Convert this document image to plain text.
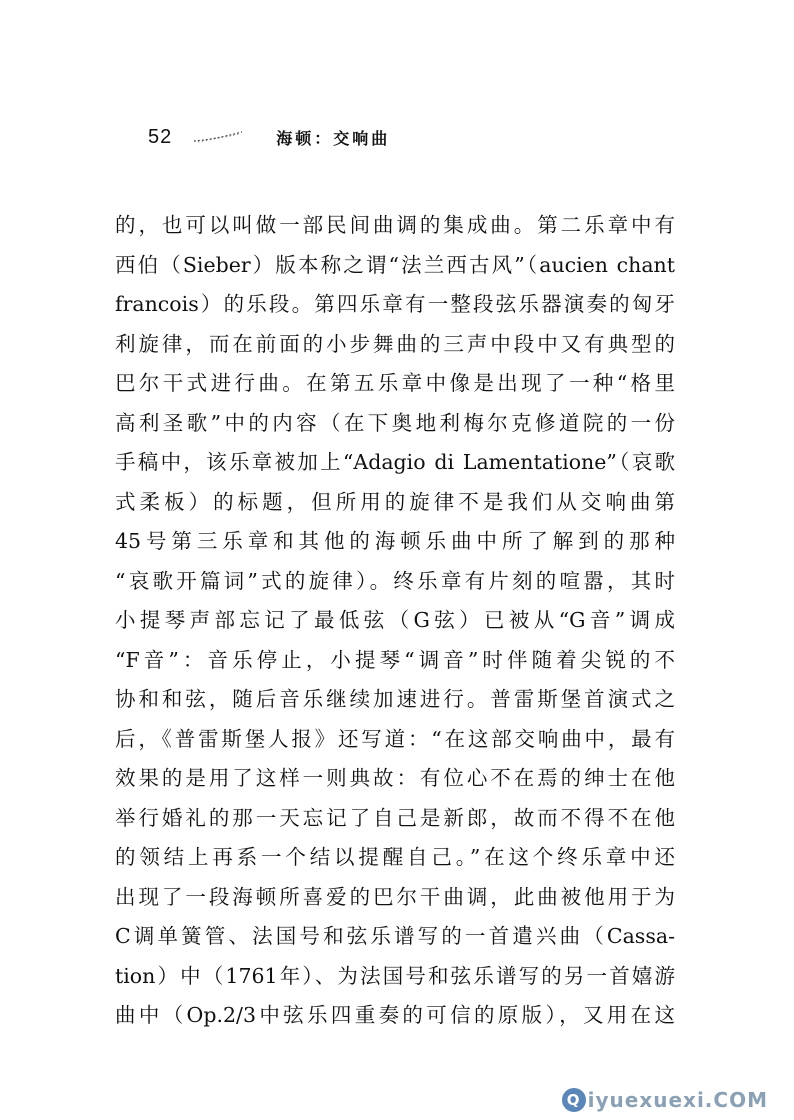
52	海顿：交响曲
的，也可以叫做一部民间曲调的集成曲。第二乐章中有
西伯（Sieber）版本称之谓“法兰西古风”（aucien chant
francois）的乐段。第四乐章有一整段弦乐器演奏的匈牙
利旋律，而在前面的小步舞曲的三声中段中又有典型的
巴尔干式进行曲。在第五乐章中像是出现了一种“格里
高利圣歌”中的内容（在下奥地利梅尔克修道院的一份
手稿中，该乐章被加上“Adagio di Lamentatione”（哀歌
式柔板）的标题，但所用的旋律不是我们从交响曲第
45号第三乐章和其他的海顿乐曲中所了解到的那种
“哀歌开篇词”式的旋律）。终乐章有片刻的喧嚣，其时
小提琴声部忘记了最低弦（G弦）已被从“G音”调成
“F音”：音乐停止，小提琴“调音”时伴随着尖锐的不
协和和弦，随后音乐继续加速进行。普雷斯堡首演式之
后，《普雷斯堡人报》还写道：“在这部交响曲中，最有
效果的是用了这样一则典故：有位心不在焉的绅士在他
举行婚礼的那一天忘记了自己是新郎，故而不得不在他
的领结上再系一个结以提醒自己。”在这个终乐章中还
出现了一段海顿所喜爱的巴尔干曲调，此曲被他用于为
C调单簧管、法国号和弦乐谱写的一首遣兴曲（Cassa-
tion）中（1761年）、为法国号和弦乐谱写的另一首嬉游
曲中（Op.2/3中弦乐四重奏的可信的原版），又用在这
Q iyuexuexi.COM
